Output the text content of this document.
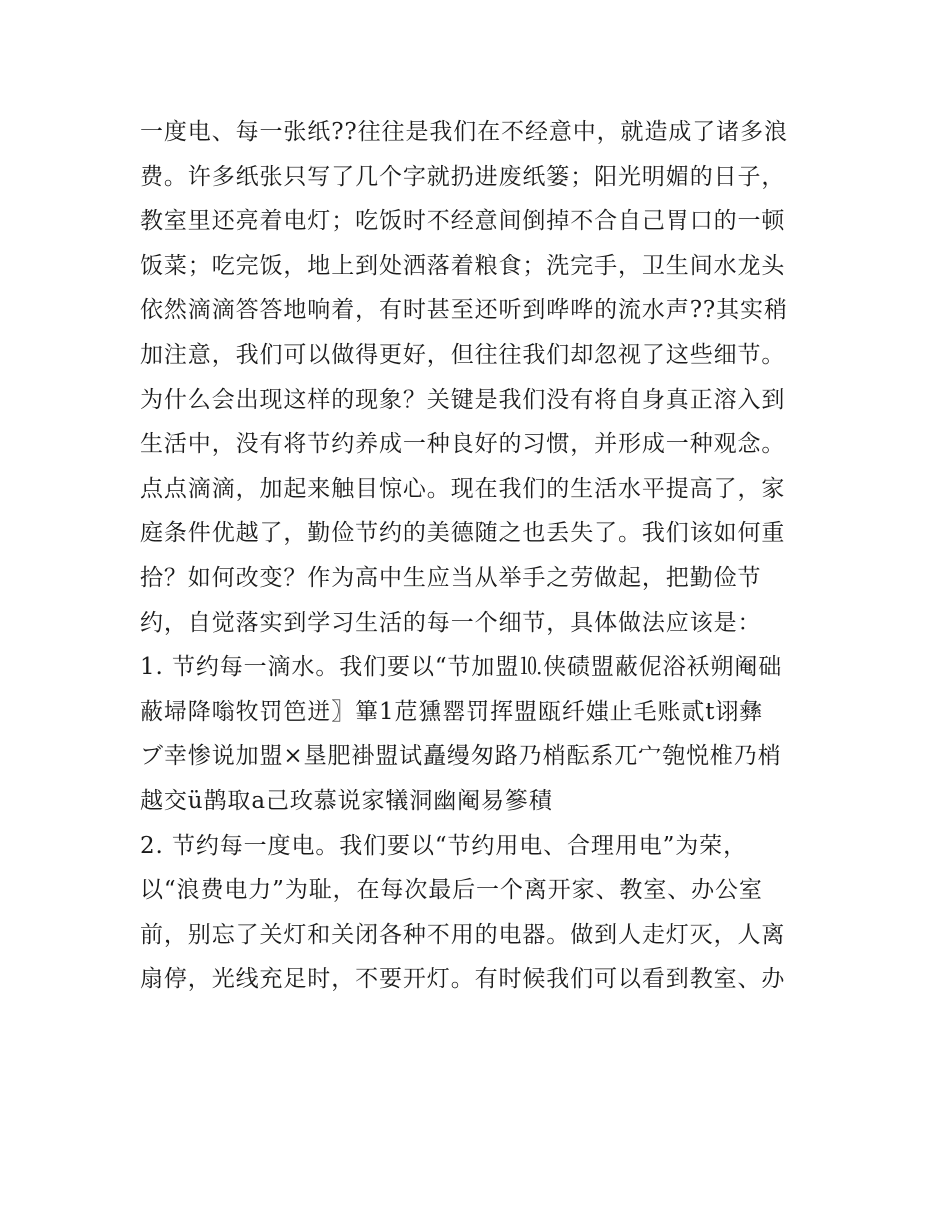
一度电、每一张纸??往往是我们在不经意中，就造成了诸多浪
费。许多纸张只写了几个字就扔进废纸篓；阳光明媚的日子，
教室里还亮着电灯；吃饭时不经意间倒掉不合自己胃口的一顿
饭菜；吃完饭，地上到处洒落着粮食；洗完手，卫生间水龙头
依然滴滴答答地响着，有时甚至还听到哗哗的流水声??其实稍
加注意，我们可以做得更好，但往往我们却忽视了这些细节。
为什么会出现这样的现象？关键是我们没有将自身真正溶入到
生活中，没有将节约养成一种良好的习惯，并形成一种观念。
点点滴滴，加起来触目惊心。现在我们的生活水平提高了，家
庭条件优越了，勤俭节约的美德随之也丢失了。我们该如何重
拾？如何改变？作为高中生应当从举手之劳做起，把勤俭节
约，自觉落实到学习生活的每一个细节，具体做法应该是：
1. 节约每一滴水。我们要以“节加盟⒑侠碛盟蔽伲浴袄朔阉础
蔽埽降嗡牧罚笆迸〗篳1苊獯罂罚挥盟瓯纤媸止毛账贰t诩彝
ブ幸惨说加盟×垦肥褂盟试矗缦匆路乃梢酝系兀宀匏悦椎乃梢
越交ü鹊取a己玫慕说家犠洞幽阉易篸積
2. 节约每一度电。我们要以“节约用电、合理用电”为荣，
以“浪费电力”为耻，在每次最后一个离开家、教室、办公室
前，别忘了关灯和关闭各种不用的电器。做到人走灯灭，人离
扇停，光线充足时，不要开灯。有时候我们可以看到教室、办
